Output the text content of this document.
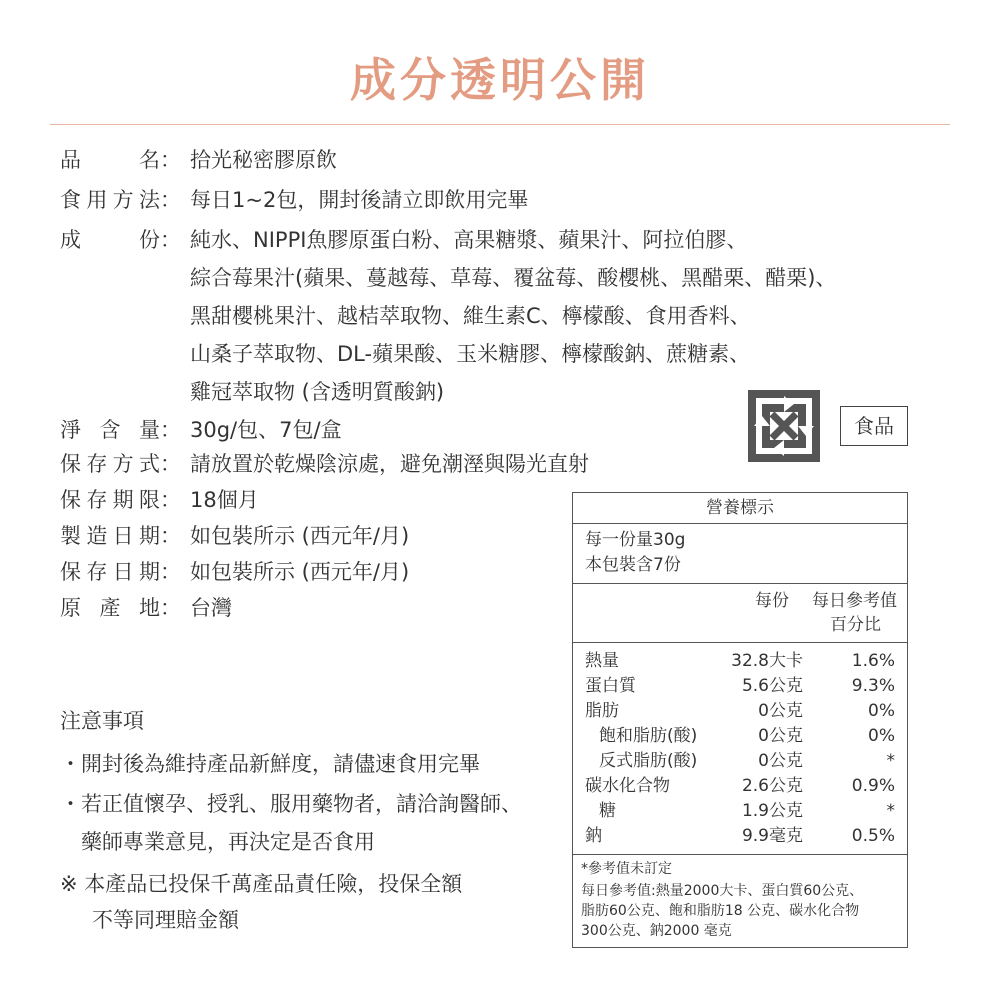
成分透明公開
品名： 拾光秘密膠原飲
食用方法： 每日1~2包，開封後請立即飲用完畢
成份： 純水、NIPPI魚膠原蛋白粉、高果糖漿、蘋果汁、阿拉伯膠、
綜合莓果汁(蘋果、蔓越莓、草莓、覆盆莓、酸櫻桃、黑醋栗、醋栗)、
黑甜櫻桃果汁、越桔萃取物、維生素C、檸檬酸、食用香料、
山桑子萃取物、DL-蘋果酸、玉米糖膠、檸檬酸鈉、蔗糖素、
雞冠萃取物 (含透明質酸鈉)
淨含量： 30g/包、7包/盒
保存方式： 請放置於乾燥陰涼處，避免潮溼與陽光直射
保存期限： 18個月
製造日期： 如包裝所示 (西元年/月)
保存日期： 如包裝所示 (西元年/月)
原產地： 台灣
食品
注意事項
・開封後為維持產品新鮮度，請儘速食用完畢
・若正值懷孕、授乳、服用藥物者，請洽詢醫師、
藥師專業意見，再決定是否食用
※ 本產品已投保千萬產品責任險，投保全額
不等同理賠金額
營養標示
每一份量30g
本包裝含7份
每份 每日參考值
百分比
熱量	32.8大卡	1.6%
蛋白質	5.6公克	9.3%
脂肪	0公克	0%
飽和脂肪(酸)	0公克	0%
反式脂肪(酸)	0公克	*
碳水化合物	2.6公克	0.9%
糖	1.9公克	*
鈉	9.9毫克	0.5%
*參考值未訂定
每日參考值:熱量2000大卡、蛋白質60公克、
脂肪60公克、飽和脂肪18 公克、碳水化合物
300公克、鈉2000 毫克
